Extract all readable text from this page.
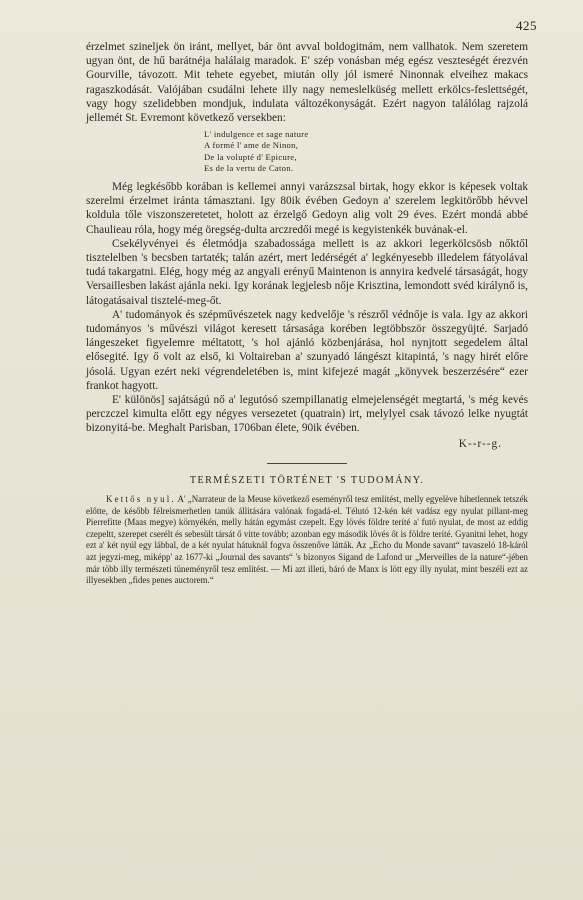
425

érzelmet szineljek ön iránt, mellyet, bár önt avval boldogitnám, nem vallhatok. Nem szeretem ugyan önt, de hű barátnéja halálaig maradok. E' szép vonásban még egész veszteségét érezvén Gourville, távozott. Mit tehete egyebet, miután olly jól ismeré Ninonnak elveihez makacs ragaszkodását. Valójában csudálni lehete illy nagy nemeslelküség mellett erkölcs-feslettségét, vagy hogy szelidebben mondjuk, indulata változékonyságát. Ezért nagyon találólag rajzolá jellemét St. Evremont következő versekben:

L' indulgence et sage nature
A formé l' ame de Ninon,
De la volupté d' Epicure,
Es de la vertu de Caton.

Még legkésőbb korában is kellemei annyi varázszsal birtak, hogy ekkor is képesek voltak szerelmi érzelmet iránta támasztani. Igy 80ik évében Gedoyn a' szerelem legkitörőbb hévvel koldula tőle viszonszeretetet, holott az érzelgő Gedoyn alig volt 29 éves. Ezért mondá abbé Chaulieau róla, hogy még öregség-dulta arczredői megé is kegyistenkék buvának-el.

Csekélyvényei és életmódja szabadossága mellett is az akkori legerkölcsösb nőktől tisztelelben 's becsben tartaték; talán azért, mert ledérségét a' legkényesebb illedelem fátyolával tudá takargatni. Elég, hogy még az angyali erényű Maintenon is annyira kedvelé társaságát, hogy Versaillesben lakást ajánla neki. Igy korának legjelesb nője Krisztina, lemondott svéd királynő is, látogatásaival tisztelé-meg-őt.

A' tudományok és szépművészetek nagy kedvelője 's részről védnője is vala. Igy az akkori tudományos 's művészi világot keresett társasága korében legtöbbször összegyüjté. Sarjadó lángeszeket figyelemre méltatott, 's hol ajánló közbenjárása, hol nynjtott segedelem által elősegité. Igy ő volt az első, ki Voltaireban a' szunyadó lángészt kitapintá, 's nagy hirét előre jósolá. Ugyan ezért neki végrendeletében is, mint kifejezé magát „könyvek beszerzésére“ ezer frankot hagyott.

E' különös] sajátságú nő a' legutósó szempillanatig elmejelenségét megtartá, 's még kevés perczczel kimulta előtt egy négyes versezetet (quatrain) irt, melylyel csak távozó lelke nyugtát bizonyitá-be. Meghalt Parisban, 1706ban élete, 90ik évében.

K--r--g.
TERMÉSZETI TÖRTÉNET 'S TUDOMÁNY.

Kettős nyul. A' „Narrateur de la Meuse következő eseményről tesz emlitést, melly egyelève hihetlennek tetszék előtte, de később félreismerhetlen tanúk állitására valónak fogadá-el. Télutó 12-kén két vadász egy nyulat pillant-meg Pierrefitte (Maas megye) környékén, melly hátán egymást czepelt. Egy lövés földre teríté a' futó nyulat, de most az eddig czepeltt, szerepet cserélt és sebesült társát ő vitte tovább; azonban egy második lövés őt is földre teríté. Gyanitni lehet, hogy ezt a' két nyúl egy lábbal, de a két nyulat hátuknál fogva összenőve látták. Az „Echo du Monde savant“ tavaszeló 18-káról azt jegyzi-meg, miképp' az 1677-ki „Journal des savants“ 's bizonyos Sigand de Lafond ur „Merveilles de la nature“-jében már több illy természeti tüneményről tesz emlitést. — Mi azt illeti, báró de Manx is lött egy illy nyulat, mint beszéli ezt az illyesekben „fides penes auctorem.“
